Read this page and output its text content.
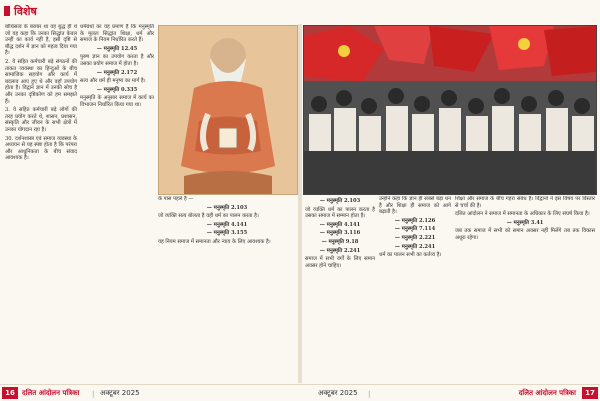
विशेष

बोधिसत्व के बराबर था वह बुद्ध ही थे जो यह कहा कि उनका सिद्धांत केवल उन्हीं का कार्य नहीं है, इसी दृष्टि से बौद्ध दर्शन में ज्ञान को महत्व दिया गया है।

2. ये सहित कर्मचारी बड़े संगठनों की ताकत व्यवस्था का हिन्दुओं के बीच सामाजिक सहयोग और कार्य में बदलाव आए हुए थे और वहाँ उपयोग होता है। विद्वान ज्ञान में उनकी सोच है और उनका दृष्टिकोण को हम समझते हैं।

3. ये सहित कर्मचारी बड़े लोगों की तरह प्रयोग करते थे, शासन, प्रशासन, संस्कृति और जीवन के सभी क्षेत्रों में उनका योगदान रहा है।

30. दर्शनशास्त्र एवं समाज व्यवस्था के अध्ययन से यह स्पष्ट होता है कि परंपरा और आधुनिकता के बीच संवाद आवश्यक है।

धर्मग्रंथों का यह प्रमाण है कि मनुस्मृति के मूलतः सिद्धांत शिक्षा, धर्म और समाज के नियम निर्धारित करते हैं।

— मनुस्मृति 12.45

पुरुष ज्ञान का उपयोग करता है और उसका प्रयोग समाज में होता है।

— मनुस्मृति 2.172

सत्य और धर्म ही मनुष्य का मार्ग है।

— मनुस्मृति 0.335

मनुस्मृति के अनुसार समाज में कार्य का विभाजन निर्धारित किया गया था।

के पास पहले है —

— मनुस्मृति 2.103

जो व्यक्ति सत्य बोलता है वही धर्म का पालन करता है।

— मनुस्मृति 4.141

— मनुस्मृति 3.155

यह नियम समाज में समानता और न्याय के लिए आवश्यक है।

— मनुस्मृति 2.103

जो व्यक्ति धर्म का पालन करता है उसका समाज में सम्मान होता है।

— मनुस्मृति 4.141

— मनुस्मृति 3.116

— मनुस्मृति 9.18

— मनुस्मृति 2.241

समाज में सभी वर्गों के लिए समान अवसर होने चाहिए।

उन्होंने कहा कि ज्ञान ही सबसे बड़ा धन है और शिक्षा ही समाज को आगे बढ़ाती है।

— मनुस्मृति 2.126

— मनुस्मृति 7.114

— मनुस्मृति 2.221

— मनुस्मृति 2.241

धर्म का पालन सभी का कर्तव्य है।

शिक्षा और समाज के बीच गहरा संबंध है। विद्वानों ने इस विषय पर विस्तार से चर्चा की है।

दलित आंदोलन ने समाज में समानता के अधिकार के लिए संघर्ष किया है।

— मनुस्मृति 3.41

जब तक समाज में सभी को समान अवसर नहीं मिलेंगे तब तक विकास अधूरा रहेगा।

16	दलित आंदोलन पत्रिका | अक्टूबर 2025	अक्टूबर 2025 |	दलित आंदोलन पत्रिका	17
